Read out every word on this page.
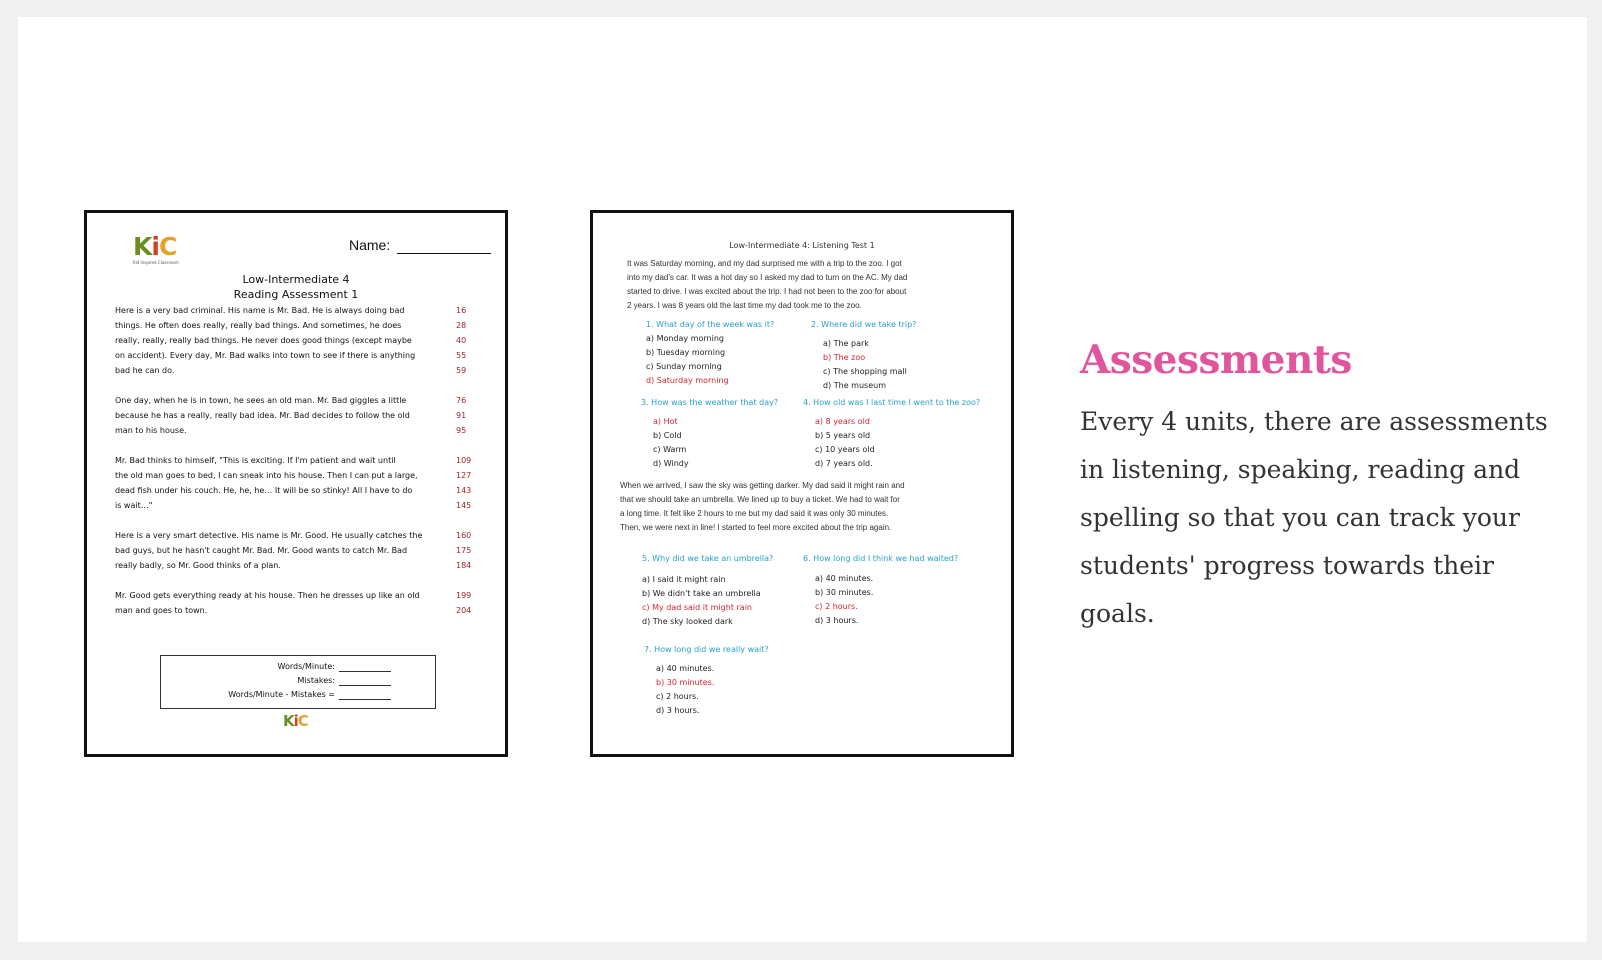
KiC
Kid Inspired Classroom
Name:
Low-Intermediate 4
Reading Assessment 1
Here is a very bad criminal. His name is Mr. Bad. He is always doing bad	16
things. He often does really, really bad things. And sometimes, he does	28
really, really, really bad things. He never does good things (except maybe	40
on accident). Every day, Mr. Bad walks into town to see if there is anything	55
bad he can do.	59
One day, when he is in town, he sees an old man. Mr. Bad giggles a little	76
because he has a really, really bad idea. Mr. Bad decides to follow the old	91
man to his house.	95
Mr. Bad thinks to himself, "This is exciting. If I'm patient and wait until	109
the old man goes to bed, I can sneak into his house. Then I can put a large,	127
dead fish under his couch. He, he, he… It will be so stinky! All I have to do	143
is wait…"	145
Here is a very smart detective. His name is Mr. Good. He usually catches the	160
bad guys, but he hasn't caught Mr. Bad. Mr. Good wants to catch Mr. Bad	175
really badly, so Mr. Good thinks of a plan.	184
Mr. Good gets everything ready at his house. Then he dresses up like an old	199
man and goes to town.	204
Words/Minute:
Mistakes:
Words/Minute - Mistakes =
KiC
Low-Intermediate 4: Listening Test 1
It was Saturday morning, and my dad surprised me with a trip to the zoo. I got
into my dad's car. It was a hot day so I asked my dad to turn on the AC. My dad
started to drive. I was excited about the trip. I had not been to the zoo for about
2 years. I was 8 years old the last time my dad took me to the zoo.
1. What day of the week was it?
a) Monday morning
b) Tuesday morning
c) Sunday morning
d) Saturday morning
2. Where did we take trip?
a) The park
b) The zoo
c) The shopping mall
d) The museum
3. How was the weather that day?
a) Hot
b) Cold
c) Warm
d) Windy
4. How old was I last time I went to the zoo?
a) 8 years old
b) 5 years old
c) 10 years old
d) 7 years old.
When we arrived, I saw the sky was getting darker. My dad said it might rain and
that we should take an umbrella. We lined up to buy a ticket. We had to wait for
a long time. It felt like 2 hours to me but my dad said it was only 30 minutes.
Then, we were next in line! I started to feel more excited about the trip again.
5. Why did we take an umbrella?
a) I said it might rain
b) We didn't take an umbrella
c) My dad said it might rain
d) The sky looked dark
6. How long did I think we had waited?
a) 40 minutes.
b) 30 minutes.
c) 2 hours.
d) 3 hours.
7. How long did we really wait?
a) 40 minutes.
b) 30 minutes.
c) 2 hours.
d) 3 hours.
Assessments
Every 4 units, there are assessments in listening, speaking, reading and spelling so that you can track your students' progress towards their goals.
